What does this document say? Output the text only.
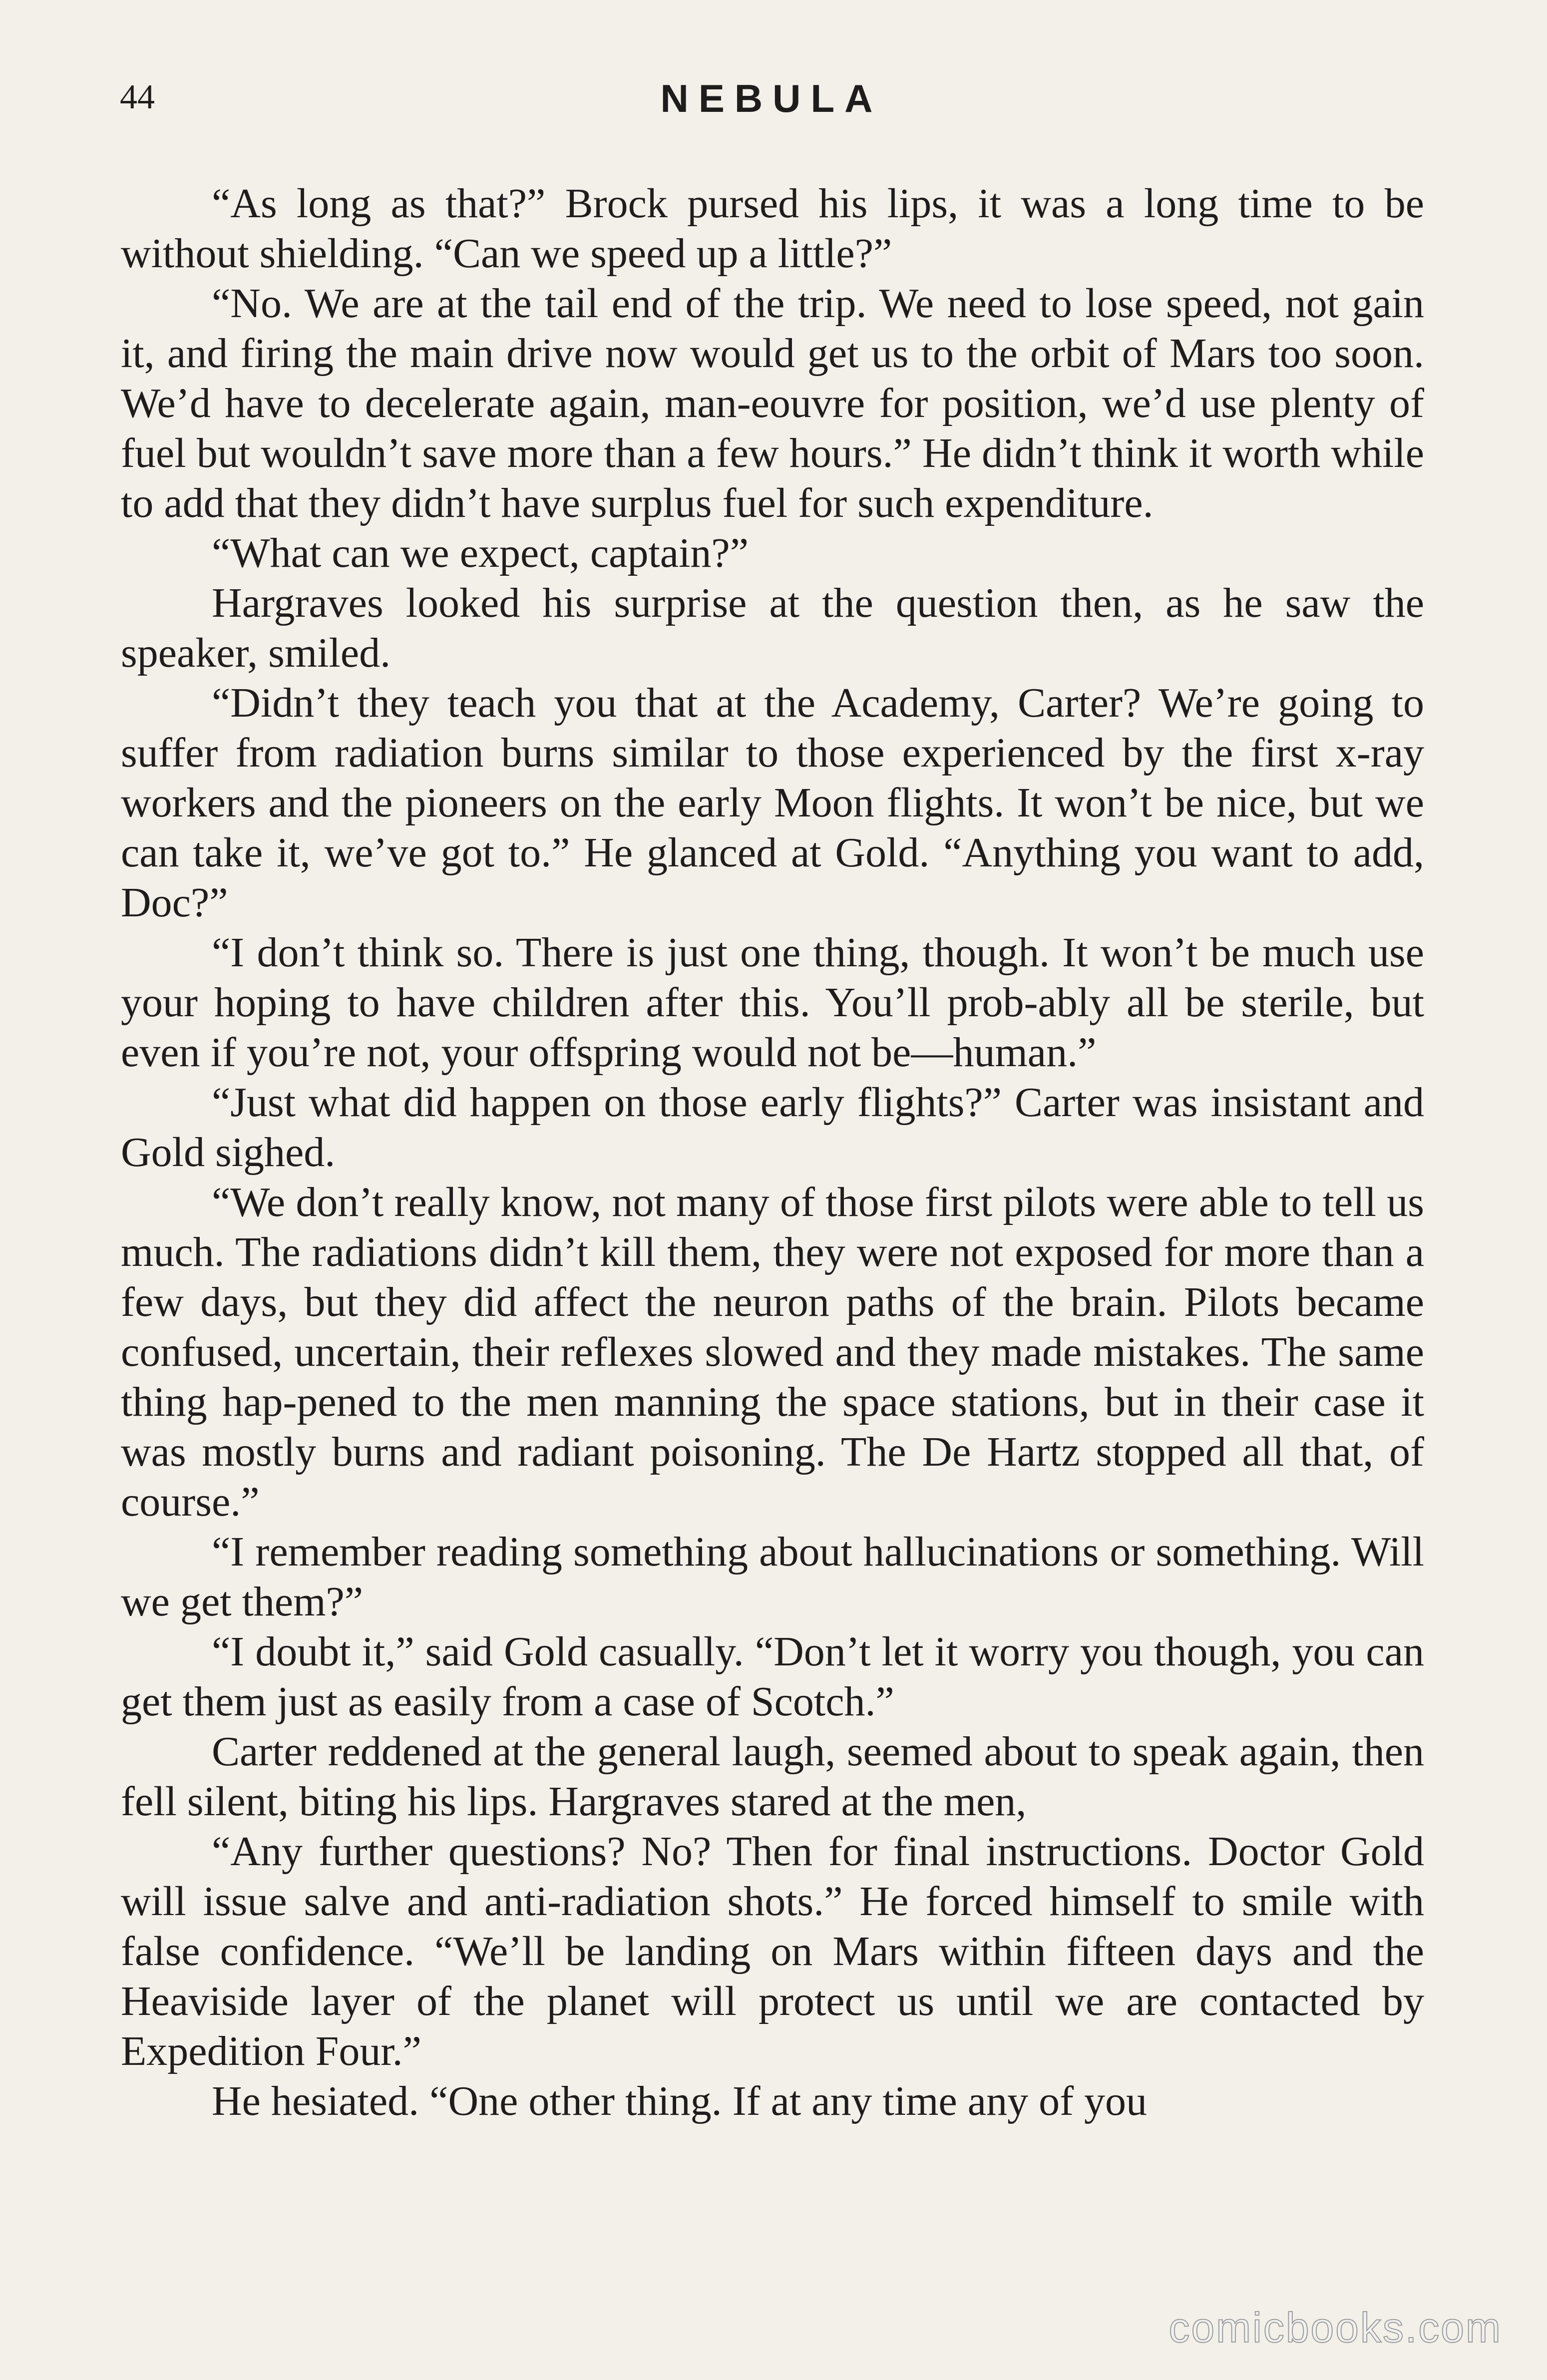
44	NEBULA

“As long as that?” Brock pursed his lips, it was a long time to be without shielding. “Can we speed up a little?”

“No. We are at the tail end of the trip. We need to lose speed, not gain it, and firing the main drive now would get us to the orbit of Mars too soon. We’d have to decelerate again, man-eouvre for position, we’d use plenty of fuel but wouldn’t save more than a few hours.” He didn’t think it worth while to add that they didn’t have surplus fuel for such expenditure.

“What can we expect, captain?”

Hargraves looked his surprise at the question then, as he saw the speaker, smiled.

“Didn’t they teach you that at the Academy, Carter? We’re going to suffer from radiation burns similar to those experienced by the first x-ray workers and the pioneers on the early Moon flights. It won’t be nice, but we can take it, we’ve got to.” He glanced at Gold. “Anything you want to add, Doc?”

“I don’t think so. There is just one thing, though. It won’t be much use your hoping to have children after this. You’ll prob-ably all be sterile, but even if you’re not, your offspring would not be—human.”

“Just what did happen on those early flights?” Carter was insistant and Gold sighed.

“We don’t really know, not many of those first pilots were able to tell us much. The radiations didn’t kill them, they were not exposed for more than a few days, but they did affect the neuron paths of the brain. Pilots became confused, uncertain, their reflexes slowed and they made mistakes. The same thing hap-pened to the men manning the space stations, but in their case it was mostly burns and radiant poisoning. The De Hartz stopped all that, of course.”

“I remember reading something about hallucinations or something. Will we get them?”

“I doubt it,” said Gold casually. “Don’t let it worry you though, you can get them just as easily from a case of Scotch.”

Carter reddened at the general laugh, seemed about to speak again, then fell silent, biting his lips. Hargraves stared at the men,

“Any further questions? No? Then for final instructions. Doctor Gold will issue salve and anti-radiation shots.” He forced himself to smile with false confidence. “We’ll be landing on Mars within fifteen days and the Heaviside layer of the planet will protect us until we are contacted by Expedition Four.”

He hesiated. “One other thing. If at any time any of you

comicbooks.com
